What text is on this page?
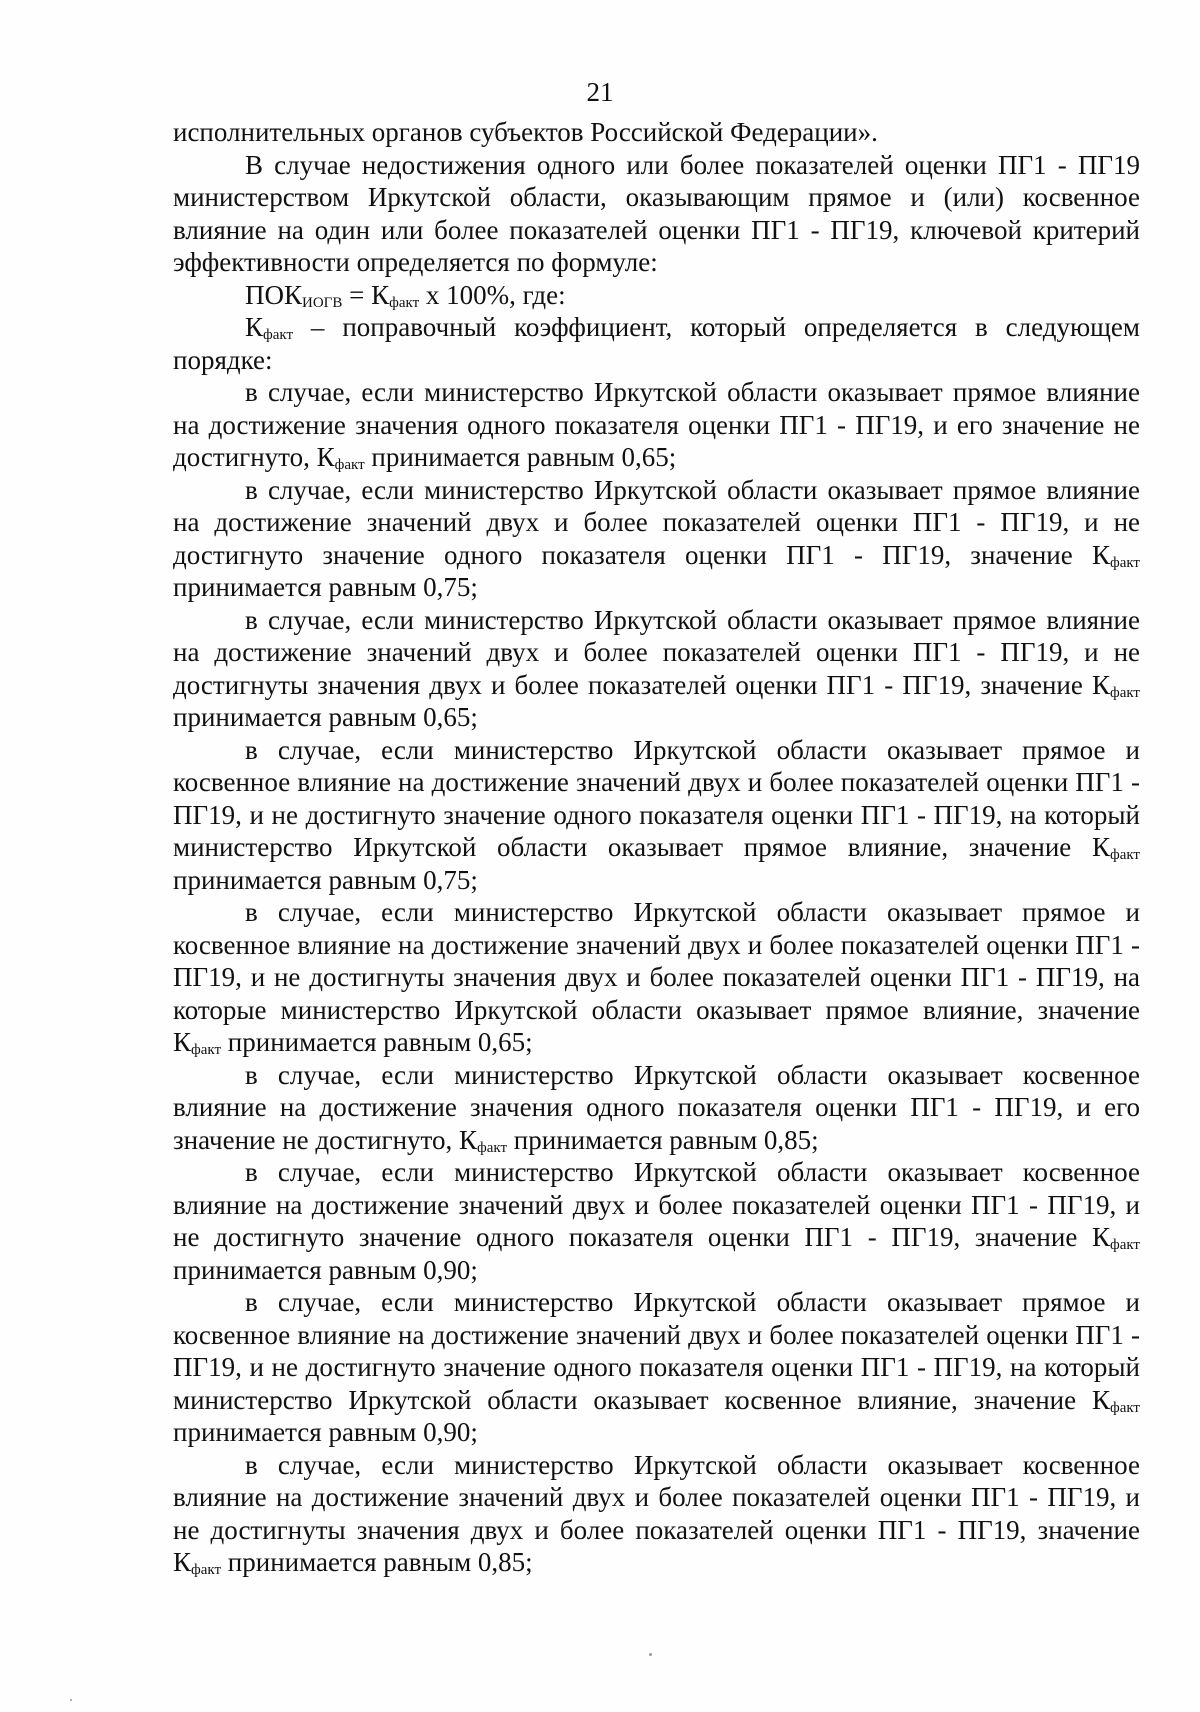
21

исполнительных органов субъектов Российской Федерации».

В случае недостижения одного или более показателей оценки ПГ1 - ПГ19 министерством Иркутской области, оказывающим прямое и (или) косвенное влияние на один или более показателей оценки ПГ1 - ПГ19, ключевой критерий эффективности определяется по формуле:

$ПОК_{ИОГВ} = К_{факт}$ х 100%, где:

$К_{факт}$ – поправочный коэффициент, который определяется в следующем порядке:

в случае, если министерство Иркутской области оказывает прямое влияние на достижение значения одного показателя оценки ПГ1 - ПГ19, и его значение не достигнуто, $К_{факт}$ принимается равным 0,65;

в случае, если министерство Иркутской области оказывает прямое влияние на достижение значений двух и более показателей оценки ПГ1 - ПГ19, и не достигнуто значение одного показателя оценки ПГ1 - ПГ19, значение $К_{факт}$ принимается равным 0,75;

в случае, если министерство Иркутской области оказывает прямое влияние на достижение значений двух и более показателей оценки ПГ1 - ПГ19, и не достигнуты значения двух и более показателей оценки ПГ1 - ПГ19, значение $К_{факт}$ принимается равным 0,65;

в случае, если министерство Иркутской области оказывает прямое и косвенное влияние на достижение значений двух и более показателей оценки ПГ1 - ПГ19, и не достигнуто значение одного показателя оценки ПГ1 - ПГ19, на который министерство Иркутской области оказывает прямое влияние, значение $К_{факт}$ принимается равным 0,75;

в случае, если министерство Иркутской области оказывает прямое и косвенное влияние на достижение значений двух и более показателей оценки ПГ1 - ПГ19, и не достигнуты значения двух и более показателей оценки ПГ1 - ПГ19, на которые министерство Иркутской области оказывает прямое влияние, значение $К_{факт}$ принимается равным 0,65;

в случае, если министерство Иркутской области оказывает косвенное влияние на достижение значения одного показателя оценки ПГ1 - ПГ19, и его значение не достигнуто, $К_{факт}$ принимается равным 0,85;

в случае, если министерство Иркутской области оказывает косвенное влияние на достижение значений двух и более показателей оценки ПГ1 - ПГ19, и не достигнуто значение одного показателя оценки ПГ1 - ПГ19, значение $К_{факт}$ принимается равным 0,90;

в случае, если министерство Иркутской области оказывает прямое и косвенное влияние на достижение значений двух и более показателей оценки ПГ1 - ПГ19, и не достигнуто значение одного показателя оценки ПГ1 - ПГ19, на который министерство Иркутской области оказывает косвенное влияние, значение $К_{факт}$ принимается равным 0,90;

в случае, если министерство Иркутской области оказывает косвенное влияние на достижение значений двух и более показателей оценки ПГ1 - ПГ19, и не достигнуты значения двух и более показателей оценки ПГ1 - ПГ19, значение $К_{факт}$ принимается равным 0,85;
